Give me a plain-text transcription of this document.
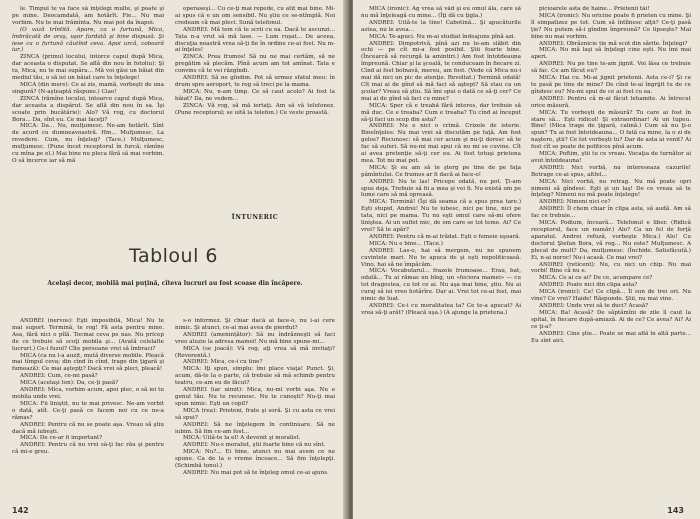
le. Timpul te va face să înţelegi multe, şi poate şi pe mine. Deocamdată, am hotărît. Fie... Nu mai vorbim. Nu te mai frămînta. Nu mai pot da înapoi.
(O vază trîntită. Apare, ca o furtună, Mica, îmbrăcată de oraş, uşor fardată şi bine dispusă. Şi iese ca o furtună căutînd ceva. Apoi urcă, coboară iar.)
ZINCA (primul locului, intorce capul după Mica, dar aceasta o disputat. Se află din nou în fotoliu): Şi tu, Mica, nu te mai supăra... Mă voi găsi un băiat din mediul tău, o să iei un băiat care te înţelege!
MICA (din mers): Ce ai zis, mamă, vorbeşti de una singură? (N-aşteaptă răspuns.) Ciao!
ZINCA (rămîne locului, intoarce capul după Mica, dar aceasta a dispărut. Se află din nou în sa. Îşi scoate prin bucătărie): Alo? Vă rog, cu doctorul Bora... Da, sînt eu. Ce mai faceţi?
MICA: Da... Nu, mulţumesc. Ne-am hotărît. Sînt de acord cu dumneavoastră. Hm... Mulţumesc. La revedere. Cum, nu înţeleg? (Tace.) Mulţumesc, mulţumesc. (Pune încet receptorul în furcă; rămîne cu mîna pe el.) Mai bine nu pleca fără să mai vorbim. O să încerce iar să mă
operaseşi... Cu ce-ţi mai repede, cu atît mai bine. Mi-ai spus că e un om sensibil. Nu ştiu ce se-ntîmplă. Noi credeam că mai pleci. Sună telefonul.
ANDREI: Mă tem că te scrii cu ea. Dacă te ascunzi... Tata n-a vrut să mă lase. — Lum ruşat... De aceea, discuţia noastră vrea să-ţi fie în ordine ce-ai fost. Nu m-ai înţeles!
ZINCA: Prea frumos! Să nu ne mai certăm, să ne pregătim să plecăm. Pînă acum am tot amînat. Tata e convins că te vei răzgîndi.
ANDREI: Să ne gîndim. Pot să urmez sfatul meu: în drum spre aeroport, te rog să treci pe la mama.
MICA: Nu, n-am timp. Ce să caut acolo? Ai fost la băiat? Da, ne vedem...
ZINCA: Vă rog, să mă iertaţi. Am să vă telefonez. (Pune receptorul; se uită la telefon.) Ce veste proastă.
ÎNTUNERIC
Tabloul 6
Acelaşi decor, mobilă mai puţină, cîteva lucruri au fost scoase din încăpere.
ANDREI (nervos): Eşti imposibilă, Mica! Nu te mai suport. Termină, te rog! Fă asta pentru mine. Asa, fără nici o pîlă. Tocmai ceva pe nas. Nu pricep de ce trebuie să scoţi mobila şi... (Arată celelalte lucruri.) Ce-i fuzul? Cîte persoane vrei să îmbraci?
MICA (ca nu l-a auzit, mută diverse mobile. Pleacă mai tîmpul ceva; din cînd în cînd, trage din ţigară şi fumează): Ce mai aştepţi? Dacă vrei să pleci, pleacă!
ANDREI: Cum, ce-mi pasă?
MICA (acelaşi ton): Da, ce-ţi pasă?
ANDREI: Mica, vorbim acum, apoi plec, o să iei tu mobila unde vrei.
MICA: Fii liniştit, nu te mai privesc. Ne-am vorbit o dată, atît. Ce-ţi pasă ce facem noi cu ce ne-a rămas?
ANDREI: Pentru că nu se poate aşa. Vreau să ştiu dacă mă iubeşti.
MICA: De ce-ar fi important?
ANDREI: Pentru că nu vrei să-ţi fac rău şi pentru că mi-e greu.
s-o informez. Şi chiar dacă ai face-o, nu i-ai cere nimic. Şi atunci, ce-ai mai avea de pierdut?
ANDREI (amenințător): Să nu îndrăzneşti să faci vreo aluzie la adresa mamei! Nu mă bine spune-mi...
MICA (se joacă): Vă rog, aţi vrea să mă invitaţi? (Reverentă.)
ANDREI: Mica, ce-i cu tine?
MICA: Iţi spun, simplu: îmi place viaţa! Punct. Şi, acum, dă-te la o parte, că trebuie să mă schimb pentru teatru, ce-am eu de făcut?
ANDREI (iar uimit): Mica, nu-mi vorbi aşa. Nu e genul tău. Nu te recunosc. Nu te cunoşti? Nu-ţi mai spun nimic. Eşti un copil?
MICA (rea): Prieteni, frate şi soră. Şi cu asta ce vrei să spui?
ANDREI: Să ne înţelegem în continuare. Să ne iubim. Să fim ce-am fost...
MICA: Uită-te la el! A devenit şi moralist.
ANDREI: Nu-s moralist, ştii foarte bine că nu sînt.
MICA: Nu?... Ei bine, atunci nu mai avem ce ne spune. Ca de la o vreme încoace... Să fim înţelepţi. (Schimbă tonul.)
ANDREI: Nu mai pot să te înţeleg omul ce-ai ajuns.
142
MICA (ironic): Ag vrea să văd şi eu omul ăla, care să nu mă înţeleagă cu mine... (Îţi dă cu ţigla.)
ANDREI: Uită-te la tine! Cabotină... Şi apucăturile astea, nu le avea...
MICA: Te-apuci. Nu m-ai studiat îndeajuns pînă azi.
ANDREI: Dimpotrivă, pînă azi nu te-am slăbit din ochi — pe cît mi-a fost posibil. Ştii foarte bine. (Încearcă să recurgă la amintiri.) Am fost întotdeauna împreună. Chiar şi la şcoală, te conduceam în fiecare zi. Cînd ai fost bolnavă, mereu, am fost. (Vede că Mica nu-i mai dă nici un pic de atenţie. Revoltat.) Termină odată! Cît mai ai de gînd să mă faci să aştept? Să stau ca un şcolar? Vreau să ştiu. Să îmi spui o dată ce să-ţi cer? Ce mai ai de gînd să faci cu mine?
MICA: Sper că e treabă fără interes, dar trebuie să mă duc. Ce e treaba? Cum e treaba? Tu cînd ai început să-ţi faci un scop din asta?
ANDREI: Nu e nici o crimă. Crizele de isterie. Bineînţeles: Nu mai vrei să discutăm pe faţă. Am fost gelos? Recunosc: să mai cer acum şi nu-ţi doresc să te fac să suferi. Să nu-mi mai spui că nu mi se cuvine. Cît ai avea pretenţie să-ţi cer eu. Ai fost totuşi prietena mea. Tot nu mai pot.
MICA: Şi eu am să te şterg pe tine de pe faţa pămîntului. Ce frumos ar fi dacă ai face-o!
ANDREI: Nu te las! Pricepe odată, nu pot. Ţi-am spus deja. Trebuie să fii a mea şi vei fi. Nu există om pe lume care să mă opreasă.
MICA: Termină! (Îşi dă seama că a spus prea tare.) Eşti stupid, Andrei! Nu te iubesc, nici pe tine, nici pe tata, nici pe mama. Tu nu eşti omul care să-mi ofere liniştea. Ai un suflet mic, de om care se tot teme. Ai? Ce vrei? Să te apăr?
ANDREI: Pentru că m-ai trădat. Eşti o femeie uşoară.
MICA: Nu e bine... (Tace.)
ANDREI: Las-o, hai să mergem, nu ne spunem cuvintele mari. Nu te apuca de şi eşti nepoliticoasă. Vino, hai să ne împăcăm.
MICA: Vocabularul... frazele frumoase... Erau, bat, odată... Tu ai rămas un bleg, un «feciora mamei» — cu tot dragostea, cu tot ce ai. Nu aşa mai bine, ştiu. Nu ai curaj să iei vreo hotărîre. Dar ai. Vrei tot ce-ai fost, mai nimic de luat.
ANDREI: Ce-i cu moralitatea ta? Ce te-a apucat? Ai vrea să-ţi arăt? (Pleacă uşa.) (A ajunge la prietena.)
picioarele asta de haine... Prietenii tăi!
MICA (ironic): Nu oricine poate fi prieten cu mine. Şi îl simpatizez pe tot. Cum să întîlnesc alţii? Ce-ţi pasă ţie? Nu putem să-i gîndim împreună? Ce lipseşte? Mai bine nu mai vorbim.
ANDREI: Obrăznicie tie mă scot din sărite. Înţelegi?
MICA: Nu mă laşi să înţelegi cine eşti. Nu îmi mai aperi.
ANDREI: Nu pe tine te-am jignit. Voi lăsa ce trebuie să fac. Ce am făcut eu?
MICA: Hai cu. Mi-ai jignit prietenii. Asta ce-i? Şi ce te pasă pe tine de mine? De cînd te-ai îngrijit tu de ce gîndesc eu? Nu-mi spui de ce ai fost cu ea.
ANDREI: Pentru că m-ai făcut lehamite. Ai întrecut orice măsură.
MICA: Tu vorbeşti de măsură? Tu care ai fost în stare să... Eşti ridicol! Şi extraordinar! Ai un tupeu. Bine! (Mica trage de ţigară, calmă.) Cum să nu ţi-o spun? Tu ai fost întotdeauna... O fată ca mine, la o zi de naştere, ştii? Ce tot vorbeşti tu? Dar de asta ai venit? Ai fost cît se poate de politicos pînă acum.
MICA: Poftim, ştii tu ce vreau. Vocaţia de turnător ai avut întotdeauna!
ANDREI: Nici vorbă, nu intereseaza cazurile! Betrage ce-ai spus, altfel...
MICA: Nici vorbă, nu retrag. Nu mă poate opri nimeni să gîndesc. Eşti şi un laş! De ce vreau să te înţeleg? Nimeni nu mă poate înţelege!
ANDREI: Nimeni nici ce?
ANDREI: Îl chem chiar în clipa asta, să audă. Am să fac ce trebuie...
MICA: Podium, înceară... Telefonul e liber. (Ridică receptorul, face un număr.) Alo? Ca un fel de forţă aparatul. Andrei refuză, vorbeşte Mica.) Alo! Cu doctorul Ştefan Bora, vă rog... Nu este? Mulţumesc. A plecat de mult? Da, mulţumesc. (Închide. Satisfăcută.) Ei, n-ai noroc! Nu-i acasă. Ce mai vrei?
ANDREI (reticent): Nu, cu nici un chip. Nu mai vorbi! Bine că nu e.
MICA: Ce ai ce ai? De ce, acumpare ce?
ANDREI: Poate nici din clipa asta?
MICA (ironic): Ca! Ce clipă... Îl sun de trei ori. Nu vine? Ce vrei? Haide! Răspunde. Ştii, nu mai vine.
ANDREI: Unde vrei să te duci? Acasă?
MICA: Ba! Acasă? De săptămîni de zile îl caut la spital, în fiecare după-amiază. Ai de ce? Ce avea? Ai? Ai ce ţi-a?
ANDREI: Cine ştie... Poate se mai află în altă parte... Eu sînt aici.
143
